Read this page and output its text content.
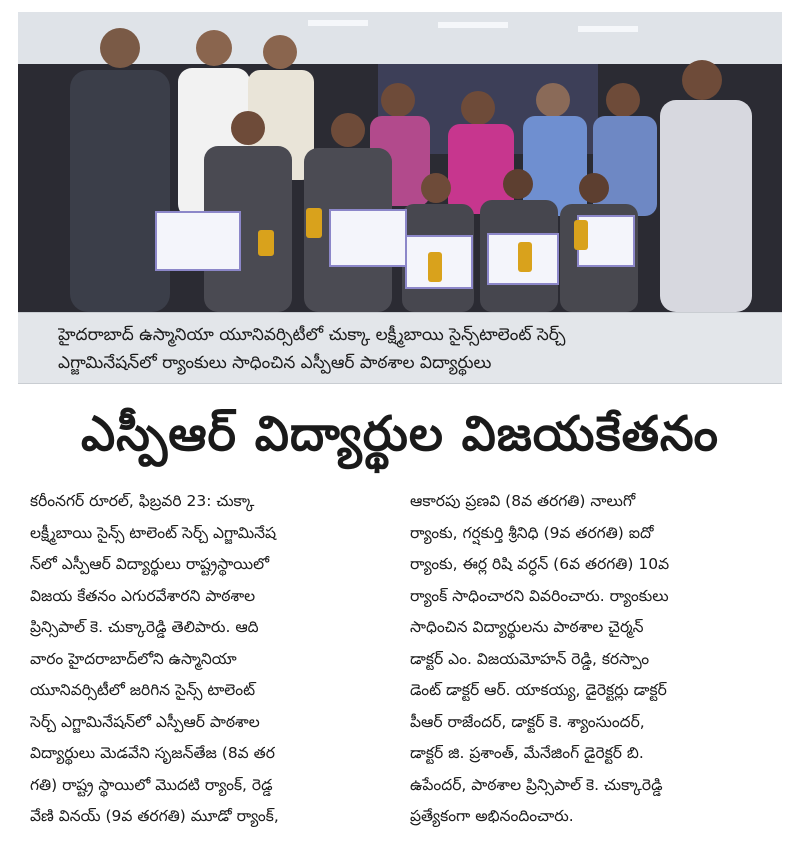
హైదరాబాద్ ఉస్మానియా యూనివర్సిటీలో చుక్కా లక్ష్మీబాయి సైన్స్‌టాలెంట్ సెర్చ్
ఎగ్జామినేషన్‌లో ర్యాంకులు సాధించిన ఎస్పీఆర్ పాఠశాల విద్యార్థులు
ఎస్పీఆర్ విద్యార్థుల విజయకేతనం
కరీంనగర్ రూరల్, ఫిబ్రవరి 23: చుక్కా
లక్ష్మీబాయి సైన్స్ టాలెంట్ సెర్చ్ ఎగ్జామినేష
న్‌లో ఎస్పీఆర్ విద్యార్థులు రాష్ట్రస్థాయిలో
విజయ కేతనం ఎగురవేశారని పాఠశాల
ప్రిన్సిపాల్ కె. చుక్కారెడ్డి తెలిపారు. ఆది
వారం హైదరాబాద్‌లోని ఉస్మానియా
యూనివర్సిటీలో జరిగిన సైన్స్ టాలెంట్
సెర్చ్ ఎగ్జామినేషన్‌లో ఎస్పీఆర్ పాఠశాల
విద్యార్థులు మెడవేని సృజన్‌తేజ (8వ తర
గతి) రాష్ట్ర స్థాయిలో మొదటి ర్యాంక్, రెడ్డ
వేణి వినయ్ (9వ తరగతి) మూడో ర్యాంక్,
ఆకారపు ప్రణవి (8వ తరగతి) నాలుగో
ర్యాంకు, గర్షకుర్తి శ్రీనిధి (9వ తరగతి) ఐదో
ర్యాంకు, ఈర్ల రిషి వర్ధన్ (6వ తరగతి) 10వ
ర్యాంక్ సాధించారని వివరించారు. ర్యాంకులు
సాధించిన విద్యార్థులను పాఠశాల చైర్మన్
డాక్టర్ ఎం. విజయమోహన్ రెడ్డి, కరస్పాం
డెంట్ డాక్టర్ ఆర్. యాకయ్య, డైరెక్టర్లు డాక్టర్
పీఆర్ రాజేందర్, డాక్టర్ కె. శ్యాంసుందర్,
డాక్టర్ జి. ప్రశాంత్, మేనేజింగ్ డైరెక్టర్ బి.
ఉపేందర్, పాఠశాల ప్రిన్సిపాల్ కె. చుక్కారెడ్డి
ప్రత్యేకంగా అభినందించారు.
